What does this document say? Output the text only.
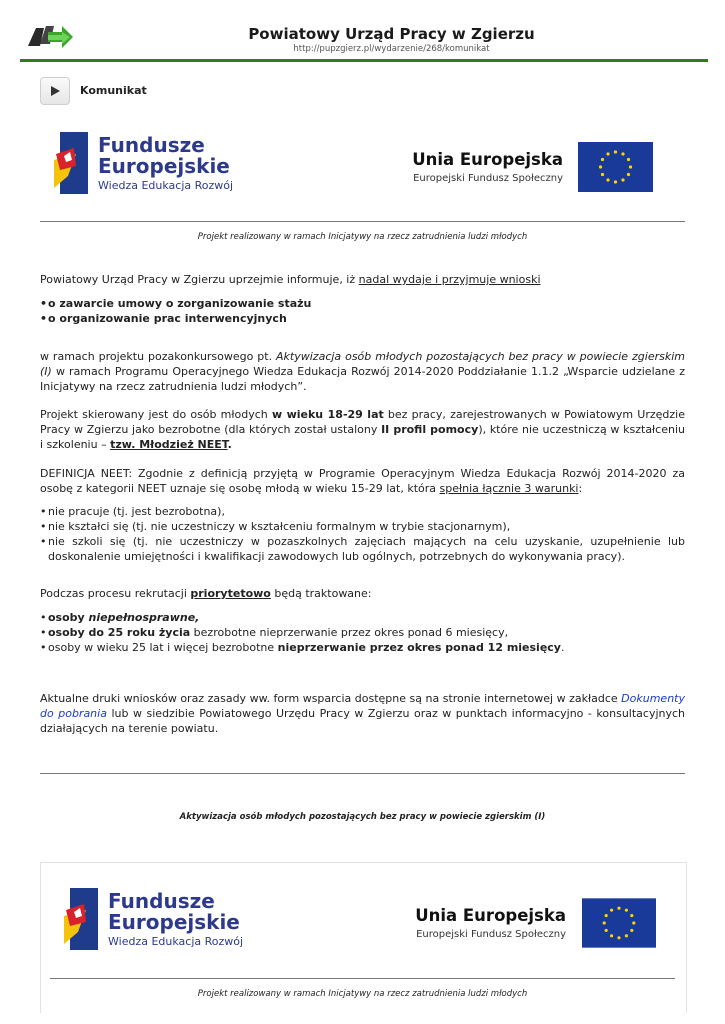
Powiatowy Urząd Pracy w Zgierzu
http://pupzgierz.pl/wydarzenie/268/komunikat
Komunikat
Fundusze
Europejskie
Wiedza Edukacja Rozwój
Unia Europejska
Europejski Fundusz Społeczny
Projekt realizowany w ramach Inicjatywy na rzecz zatrudnienia ludzi młodych
Powiatowy Urząd Pracy w Zgierzu uprzejmie informuje, iż nadal wydaje i przyjmuje wnioski
• o zawarcie umowy o zorganizowanie stażu
• o organizowanie prac interwencyjnych
w ramach projektu pozakonkursowego pt. Aktywizacja osób młodych pozostających bez pracy w powiecie zgierskim (I) w ramach Programu Operacyjnego Wiedza Edukacja Rozwój 2014-2020 Poddziałanie 1.1.2 „Wsparcie udzielane z Inicjatywy na rzecz zatrudnienia ludzi młodych”.
Projekt skierowany jest do osób młodych w wieku 18-29 lat bez pracy, zarejestrowanych w Powiatowym Urzędzie Pracy w Zgierzu jako bezrobotne (dla których został ustalony II profil pomocy), które nie uczestniczą w kształceniu i szkoleniu – tzw. Młodzież NEET.
DEFINICJA NEET: Zgodnie z definicją przyjętą w Programie Operacyjnym Wiedza Edukacja Rozwój 2014-2020 za osobę z kategorii NEET uznaje się osobę młodą w wieku 15-29 lat, która spełnia łącznie 3 warunki:
• nie pracuje (tj. jest bezrobotna),
• nie kształci się (tj. nie uczestniczy w kształceniu formalnym w trybie stacjonarnym),
• nie szkoli się (tj. nie uczestniczy w pozaszkolnych zajęciach mających na celu uzyskanie, uzupełnienie lub doskonalenie umiejętności i kwalifikacji zawodowych lub ogólnych, potrzebnych do wykonywania pracy).
Podczas procesu rekrutacji priorytetowo będą traktowane:
• osoby niepełnosprawne,
• osoby do 25 roku życia bezrobotne nieprzerwanie przez okres ponad 6 miesięcy,
• osoby w wieku 25 lat i więcej bezrobotne nieprzerwanie przez okres ponad 12 miesięcy.
Aktualne druki wniosków oraz zasady ww. form wsparcia dostępne są na stronie internetowej w zakładce Dokumenty do pobrania lub w siedzibie Powiatowego Urzędu Pracy w Zgierzu oraz w punktach informacyjno - konsultacyjnych działających na terenie powiatu.
Aktywizacja osób młodych pozostających bez pracy w powiecie zgierskim (I)
Fundusze
Europejskie
Wiedza Edukacja Rozwój
Unia Europejska
Europejski Fundusz Społeczny
Projekt realizowany w ramach Inicjatywy na rzecz zatrudnienia ludzi młodych
